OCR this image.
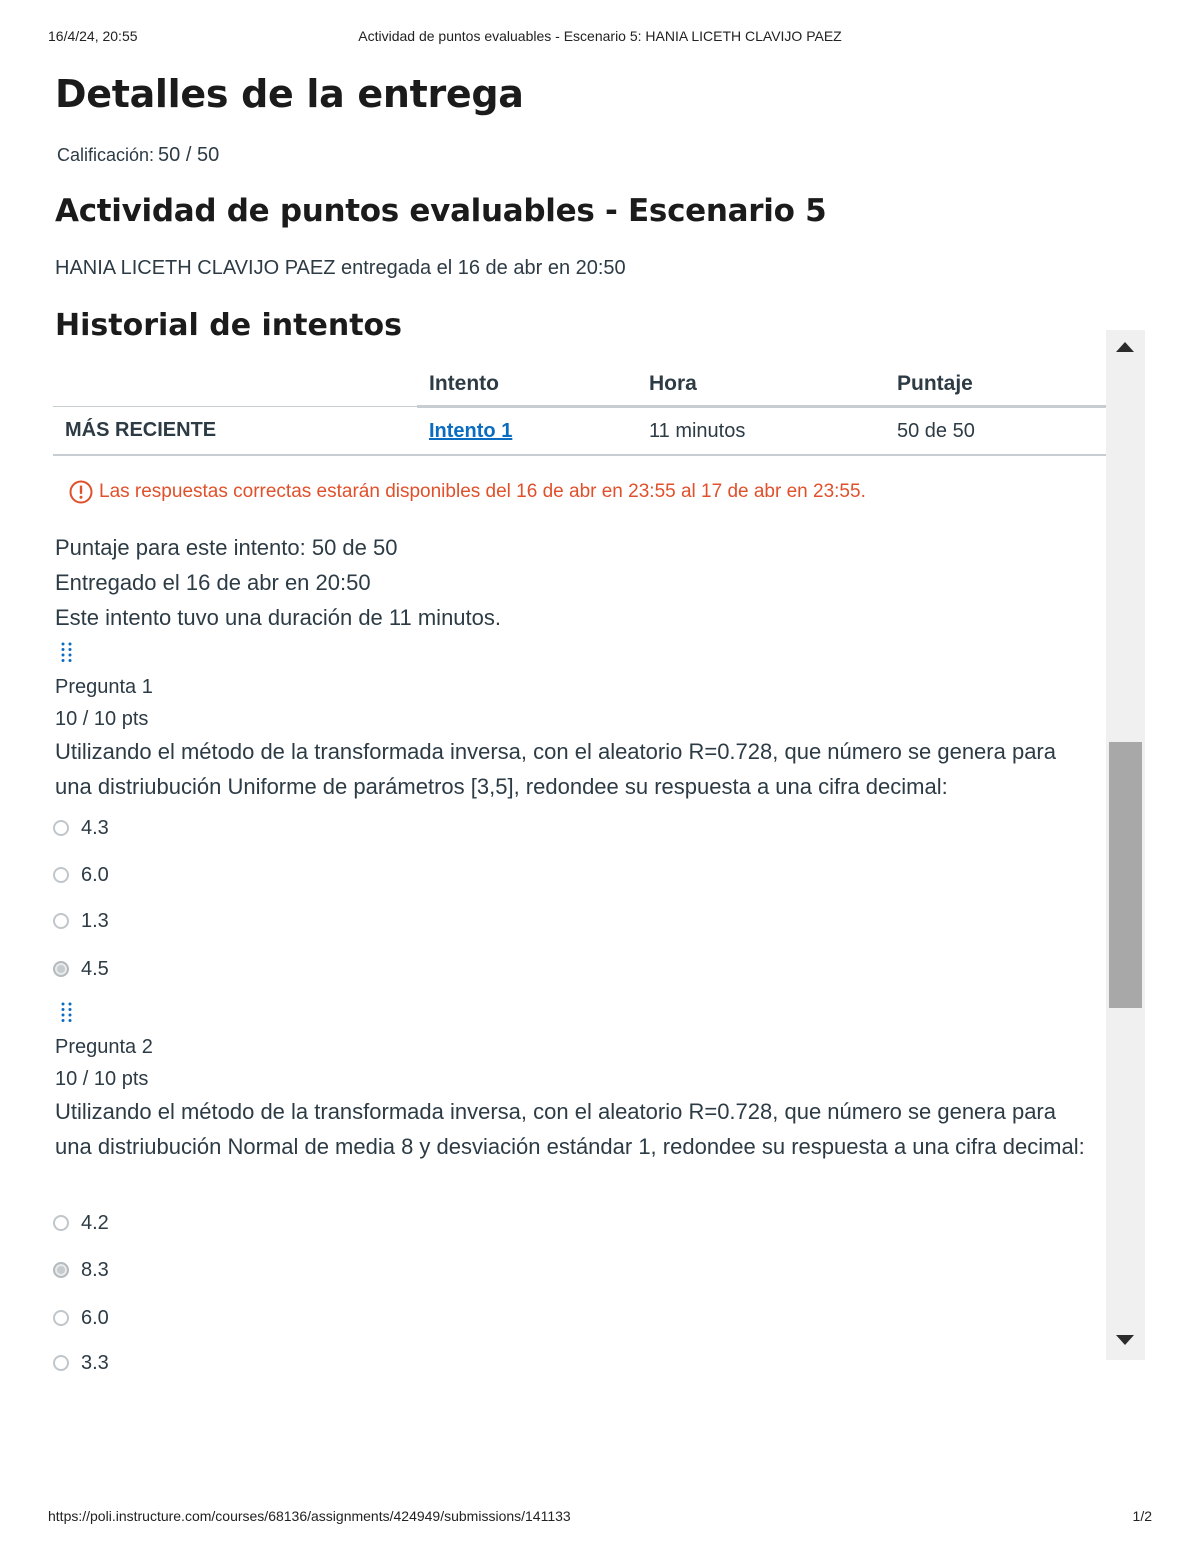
16/4/24, 20:55	Actividad de puntos evaluables - Escenario 5: HANIA LICETH CLAVIJO PAEZ
Detalles de la entrega
Calificación: 50 / 50
Actividad de puntos evaluables - Escenario 5
HANIA LICETH CLAVIJO PAEZ entregada el 16 de abr en 20:50
Historial de intentos
	Intento	Hora	Puntaje
MÁS RECIENTE	Intento 1	11 minutos	50 de 50
Las respuestas correctas estarán disponibles del 16 de abr en 23:55 al 17 de abr en 23:55.
Puntaje para este intento: 50 de 50
Entregado el 16 de abr en 20:50
Este intento tuvo una duración de 11 minutos.
Pregunta 1
10 / 10 pts
Utilizando el método de la transformada inversa, con el aleatorio R=0.728, que número se genera para una distriubución Uniforme de parámetros [3,5], redondee su respuesta a una cifra decimal:
4.3
6.0
1.3
4.5
Pregunta 2
10 / 10 pts
Utilizando el método de la transformada inversa, con el aleatorio R=0.728, que número se genera para una distriubución Normal de media 8 y desviación estándar 1, redondee su respuesta a una cifra decimal:
4.2
8.3
6.0
3.3
https://poli.instructure.com/courses/68136/assignments/424949/submissions/141133	1/2
